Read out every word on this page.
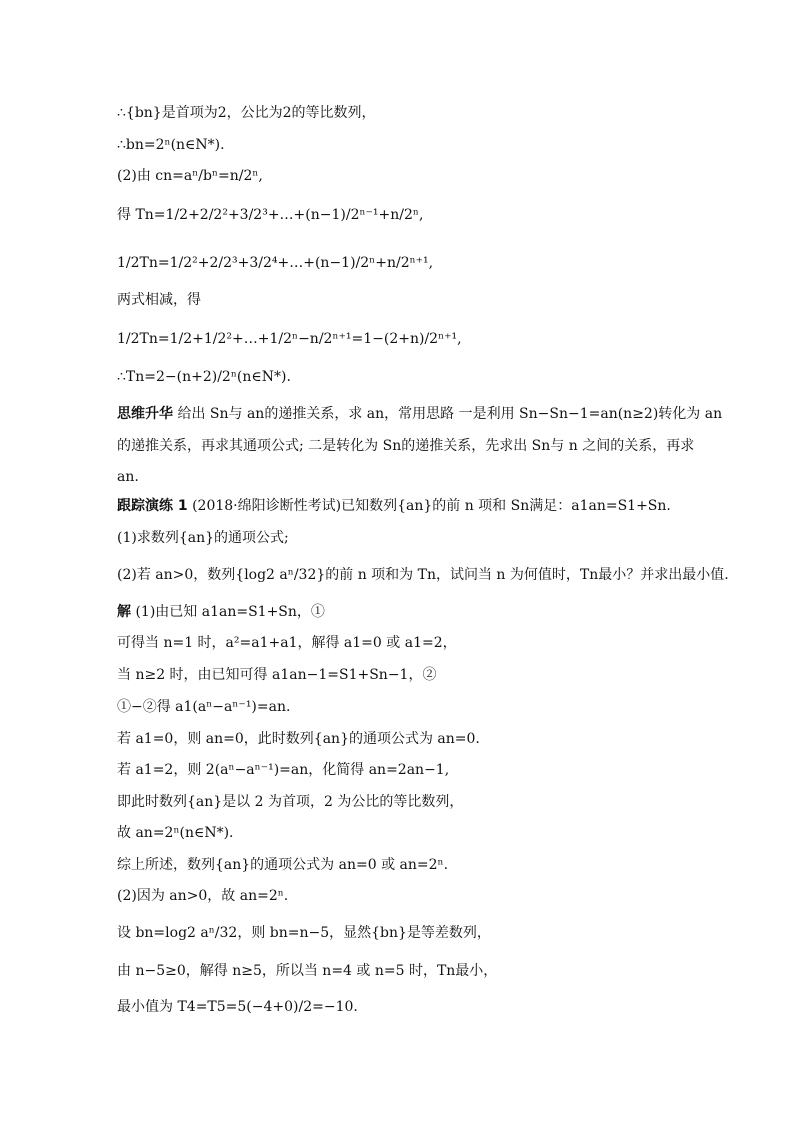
∴{bn}是首项为2，公比为2的等比数列，
∴bn=2ⁿ(n∈N*).
(2)由 cn=aⁿ/bⁿ=n/2ⁿ,
得 Tn=1/2+2/2²+3/2³+…+(n−1)/2ⁿ⁻¹+n/2ⁿ,
1/2Tn=1/2²+2/2³+3/2⁴+…+(n−1)/2ⁿ+n/2ⁿ⁺¹,
两式相减，得
1/2Tn=1/2+1/2²+…+1/2ⁿ−n/2ⁿ⁺¹=1−(2+n)/2ⁿ⁺¹,
∴Tn=2−(n+2)/2ⁿ(n∈N*).
思维升华 给出 Sn与 an的递推关系，求 an，常用思路 一是利用 Sn−Sn−1=an(n≥2)转化为 an
的递推关系，再求其通项公式; 二是转化为 Sn的递推关系，先求出 Sn与 n 之间的关系，再求
an.
跟踪演练 1 (2018·绵阳诊断性考试)已知数列{an}的前 n 项和 Sn满足：a1an=S1+Sn.
(1)求数列{an}的通项公式;
(2)若 an>0，数列{log2 aⁿ/32}的前 n 项和为 Tn，试问当 n 为何值时，Tn最小？并求出最小值.
解 (1)由已知 a1an=S1+Sn，①
可得当 n=1 时，a²=a1+a1，解得 a1=0 或 a1=2，
当 n≥2 时，由已知可得 a1an−1=S1+Sn−1，②
①−②得 a1(aⁿ−aⁿ⁻¹)=an.
若 a1=0，则 an=0，此时数列{an}的通项公式为 an=0.
若 a1=2，则 2(aⁿ−aⁿ⁻¹)=an，化简得 an=2an−1,
即此时数列{an}是以 2 为首项，2 为公比的等比数列，
故 an=2ⁿ(n∈N*).
综上所述，数列{an}的通项公式为 an=0 或 an=2ⁿ.
(2)因为 an>0，故 an=2ⁿ.
设 bn=log2 aⁿ/32，则 bn=n−5，显然{bn}是等差数列，
由 n−5≥0，解得 n≥5，所以当 n=4 或 n=5 时，Tn最小，
最小值为 T4=T5=5(−4+0)/2=−10.
